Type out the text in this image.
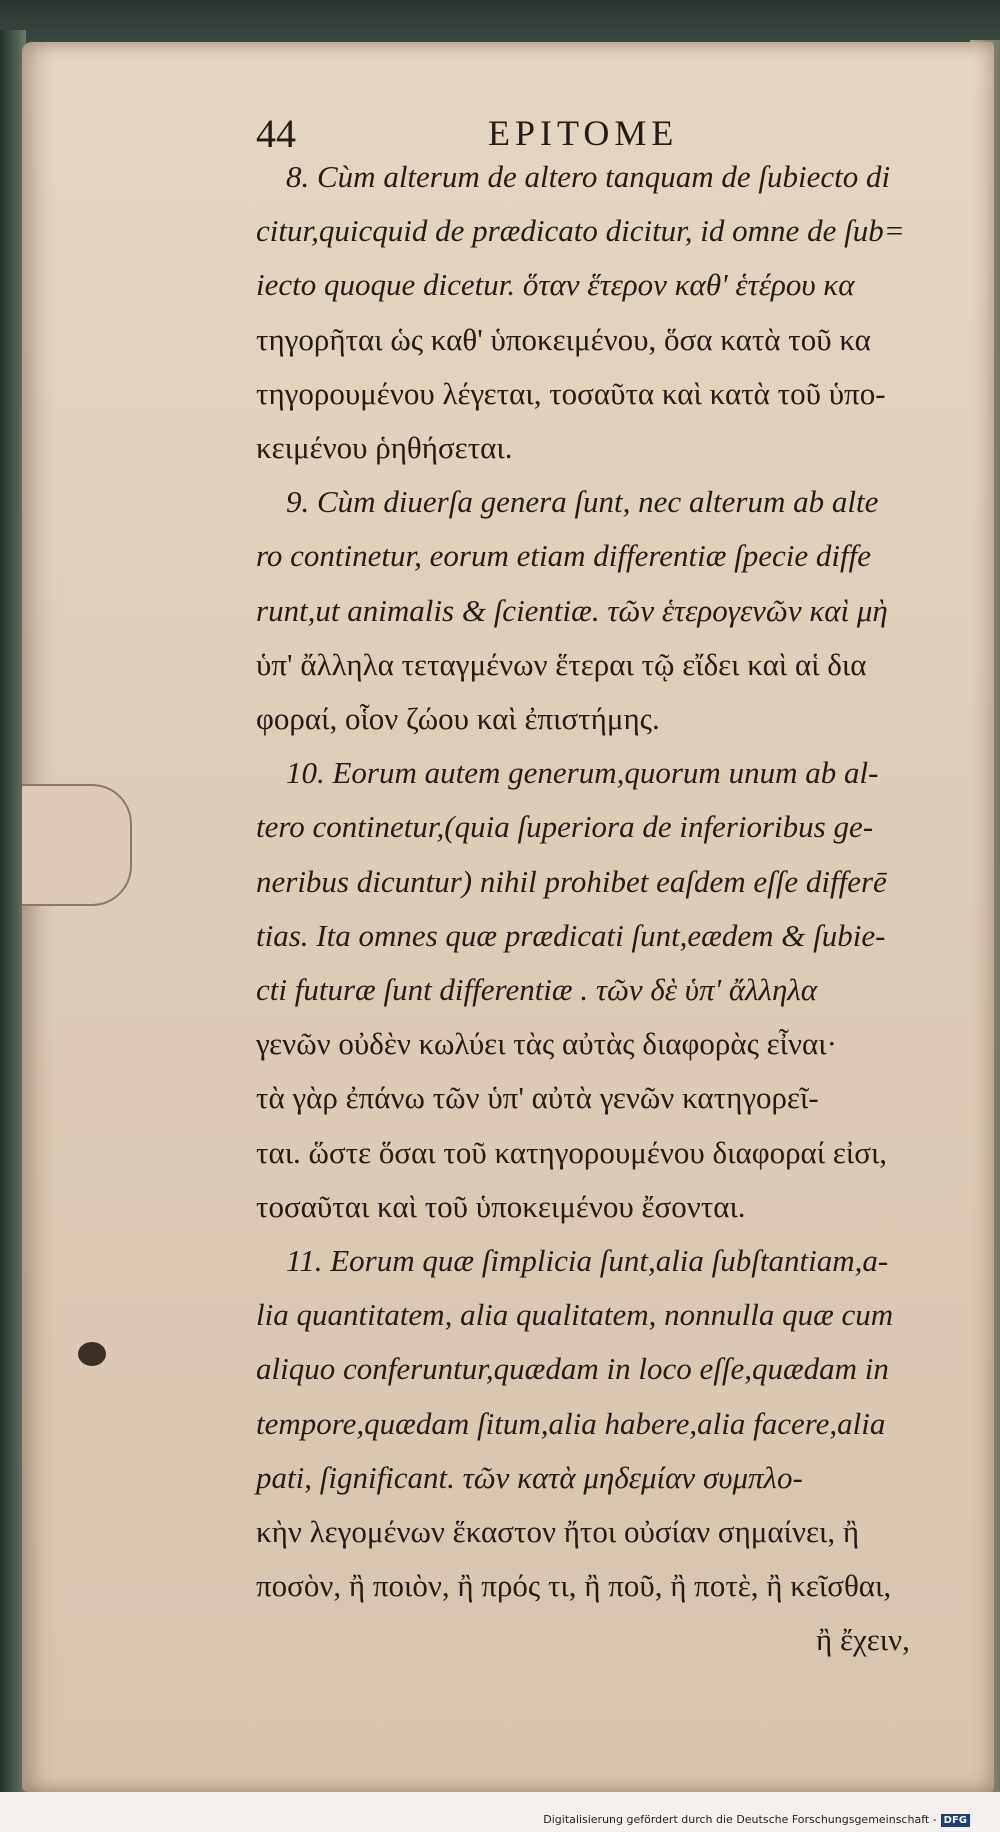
44	EPITOME
8. Cùm alterum de altero tanquam de ſubiecto di
citur,quicquid de prædicato dicitur, id omne de ſub=
iecto quoque dicetur. ὅταν ἕτερον καθ' ἑτέρου κα
τηγορῆται ὡς καθ' ὑποκειμένου, ὅσα κατὰ τοῦ κα
τηγορουμένου λέγεται, τοσαῦτα καὶ κατὰ τοῦ ὑπο-
κειμένου ῥηθήσεται.
9. Cùm diuerſa genera ſunt, nec alterum ab alte
ro continetur, eorum etiam differentiæ ſpecie diffe
runt,ut animalis & ſcientiæ. τῶν ἑτερογενῶν καὶ μὴ
ὑπ' ἄλληλα τεταγμένων ἕτεραι τῷ εἴδει καὶ αἱ δια
φοραί, οἷον ζώου καὶ ἐπιστήμης.
10. Eorum autem generum,quorum unum ab al-
tero continetur,(quia ſuperiora de inferioribus ge-
neribus dicuntur) nihil prohibet eaſdem eſſe differē
tias. Ita omnes quæ prædicati ſunt,eædem & ſubie-
cti futuræ ſunt differentiæ . τῶν δὲ ὑπ' ἄλληλα
γενῶν οὐδὲν κωλύει τὰς αὐτὰς διαφορὰς εἶναι·
τὰ γὰρ ἐπάνω τῶν ὑπ' αὐτὰ γενῶν κατηγορεῖ-
ται. ὥστε ὅσαι τοῦ κατηγορουμένου διαφοραί εἰσι,
τοσαῦται καὶ τοῦ ὑποκειμένου ἔσονται.
11. Eorum quæ ſimplicia ſunt,alia ſubſtantiam,a-
lia quantitatem, alia qualitatem, nonnulla quæ cum
aliquo conferuntur,quædam in loco eſſe,quædam in
tempore,quædam ſitum,alia habere,alia facere,alia
pati, ſignificant. τῶν κατὰ μηδεμίαν συμπλο-
κὴν λεγομένων ἕκαστον ἤτοι οὐσίαν σημαίνει, ἢ
ποσὸν, ἢ ποιὸν, ἢ πρός τι, ἢ ποῦ, ἢ ποτὲ, ἢ κεῖσθαι,
ἢ ἔχειν,
Digitalisierung gefördert durch die Deutsche Forschungsgemeinschaft - DFG
